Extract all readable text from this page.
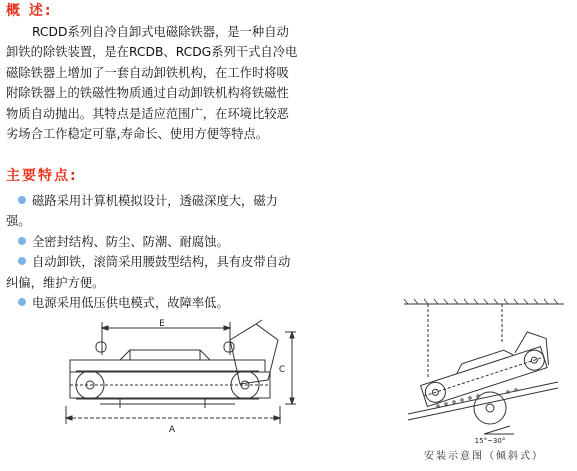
概 述:

RCDD系列自冷自卸式电磁除铁器，是一种自动卸铁的除铁装置，是在RCDB、RCDG系列干式自冷电磁除铁器上增加了一套自动卸铁机构，在工作时将吸附除铁器上的铁磁性物质通过自动卸铁机构将铁磁性物质自动抛出。其特点是适应范围广，在环境比较恶劣场合工作稳定可靠,寿命长、使用方便等特点。

主要特点:
磁路采用计算机模拟设计，透磁深度大，磁力强。
全密封结构、防尘、防潮、耐腐蚀。
自动卸铁，滚筒采用腰鼓型结构，具有皮带自动纠偏，维护方便。
电源采用低压供电模式，故障率低。
E
A
C
15°~30°

安装示意图（倾斜式）
